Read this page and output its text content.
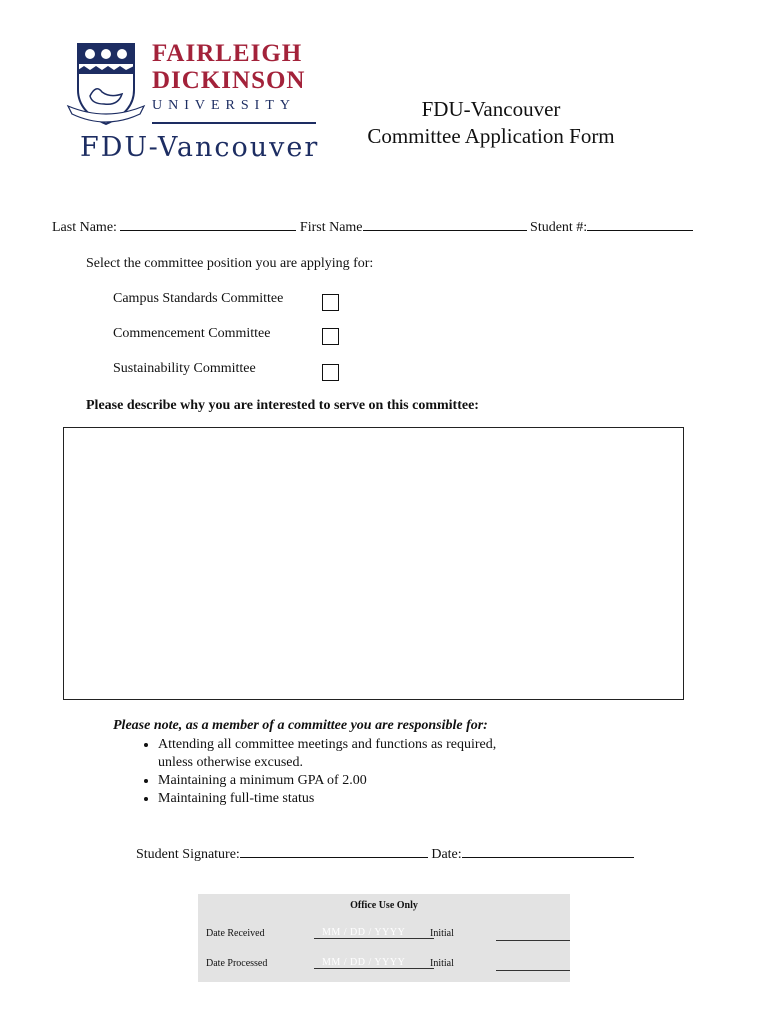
FAIRLEIGH
DICKINSON
UNIVERSITY
FDU-Vancouver
FDU-Vancouver
Committee Application Form
Last Name:	First Name	Student #:
Select the committee position you are applying for:
Campus Standards Committee
Commencement Committee
Sustainability Committee
Please describe why you are interested to serve on this committee:
Please note, as a member of a committee you are responsible for:
• Attending all committee meetings and functions as required, unless otherwise excused.
• Maintaining a minimum GPA of 2.00
• Maintaining full-time status
Student Signature:	Date:
Office Use Only
Date Received	MM / DD / YYYY	Initial
Date Processed	MM / DD / YYYY	Initial
